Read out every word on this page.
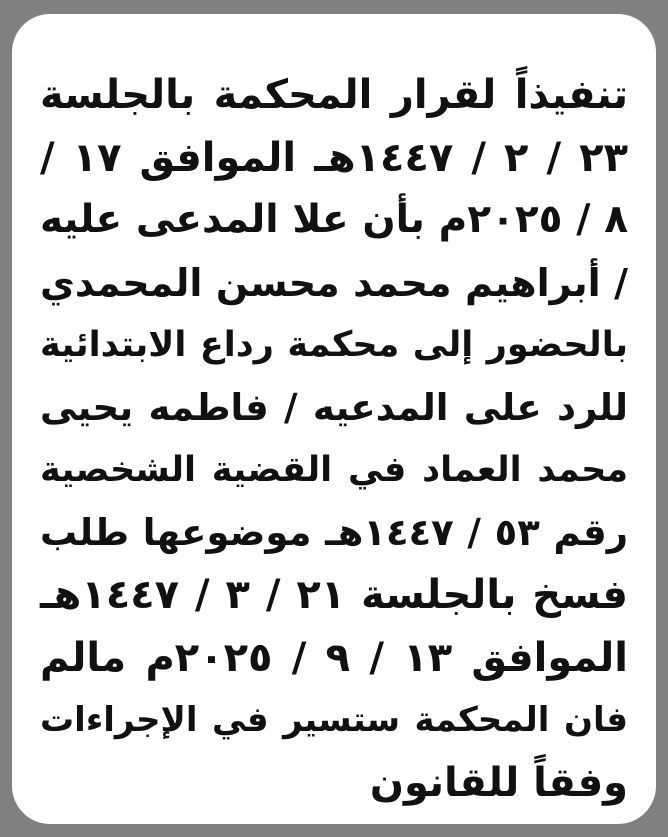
تنفيذاً لقرار المحكمة بالجلسة
٢٣ / ٢ / ١٤٤٧هـ الموافق ١٧ /
٨ / ٢٠٢٥م بأن علا المدعى عليه
/ أبراهيم محمد محسن المحمدي
بالحضور إلى محكمة رداع الابتدائية
للرد على المدعيه / فاطمه يحيى
محمد العماد في القضية الشخصية
رقم ٥٣ / ١٤٤٧هـ موضوعها طلب
فسخ بالجلسة ٢١ / ٣ / ١٤٤٧هـ
الموافق ١٣ / ٩ / ٢٠٢٥م مالم
فان المحكمة ستسير في الإجراءات
وفقاً للقانون
